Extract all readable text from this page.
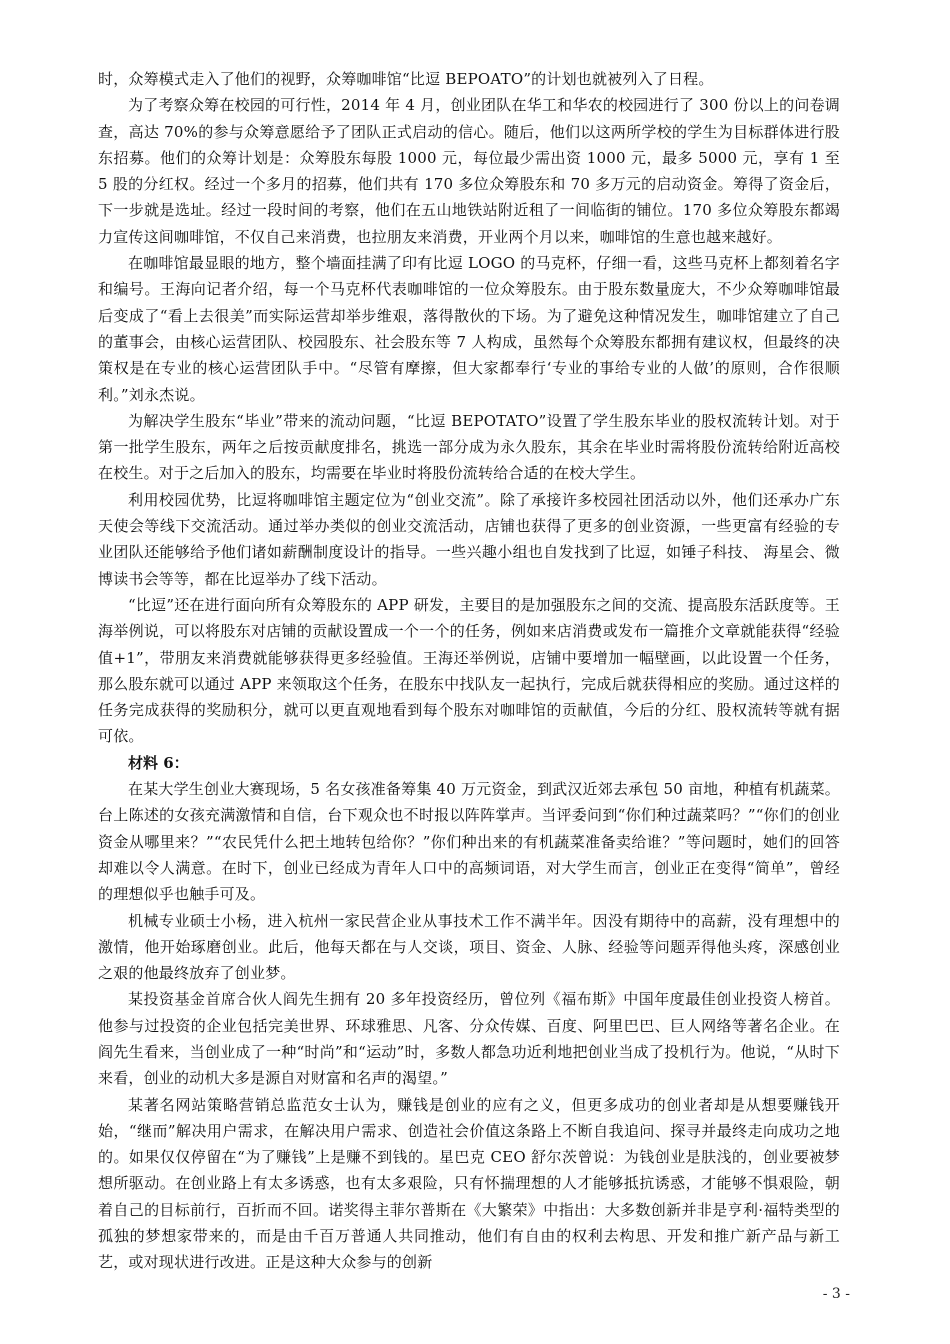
时，众筹模式走入了他们的视野，众筹咖啡馆“比逗 BEPOATO”的计划也就被列入了日程。

为了考察众筹在校园的可行性，2014 年 4 月，创业团队在华工和华农的校园进行了 300 份以上的问卷调查，高达 70%的参与众筹意愿给予了团队正式启动的信心。随后，他们以这两所学校的学生为目标群体进行股东招募。他们的众筹计划是：众筹股东每股 1000 元，每位最少需出资 1000 元，最多 5000 元，享有 1 至 5 股的分红权。经过一个多月的招募，他们共有 170 多位众筹股东和 70 多万元的启动资金。筹得了资金后，下一步就是选址。经过一段时间的考察，他们在五山地铁站附近租了一间临街的铺位。170 多位众筹股东都竭力宣传这间咖啡馆，不仅自己来消费，也拉朋友来消费，开业两个月以来，咖啡馆的生意也越来越好。

在咖啡馆最显眼的地方，整个墙面挂满了印有比逗 LOGO 的马克杯，仔细一看，这些马克杯上都刻着名字和编号。王海向记者介绍，每一个马克杯代表咖啡馆的一位众筹股东。由于股东数量庞大，不少众筹咖啡馆最后变成了“看上去很美”而实际运营却举步维艰，落得散伙的下场。为了避免这种情况发生，咖啡馆建立了自己的董事会，由核心运营团队、校园股东、社会股东等 7 人构成，虽然每个众筹股东都拥有建议权，但最终的决策权是在专业的核心运营团队手中。“尽管有摩擦，但大家都奉行‘专业的事给专业的人做’的原则，合作很顺利。”刘永杰说。

为解决学生股东“毕业”带来的流动问题，“比逗 BEPOTATO”设置了学生股东毕业的股权流转计划。对于第一批学生股东，两年之后按贡献度排名，挑选一部分成为永久股东，其余在毕业时需将股份流转给附近高校在校生。对于之后加入的股东，均需要在毕业时将股份流转给合适的在校大学生。

利用校园优势，比逗将咖啡馆主题定位为“创业交流”。除了承接许多校园社团活动以外，他们还承办广东天使会等线下交流活动。通过举办类似的创业交流活动，店铺也获得了更多的创业资源，一些更富有经验的专业团队还能够给予他们诸如薪酬制度设计的指导。一些兴趣小组也自发找到了比逗，如锤子科技、 海星会、微博读书会等等，都在比逗举办了线下活动。

“比逗”还在进行面向所有众筹股东的 APP 研发，主要目的是加强股东之间的交流、提高股东活跃度等。王海举例说，可以将股东对店铺的贡献设置成一个一个的任务，例如来店消费或发布一篇推介文章就能获得“经验值+1”，带朋友来消费就能够获得更多经验值。王海还举例说，店铺中要增加一幅壁画，以此设置一个任务，那么股东就可以通过 APP 来领取这个任务，在股东中找队友一起执行，完成后就获得相应的奖励。通过这样的任务完成获得的奖励积分，就可以更直观地看到每个股东对咖啡馆的贡献值，今后的分红、股权流转等就有据可依。

材料 6：

在某大学生创业大赛现场，5 名女孩准备筹集 40 万元资金，到武汉近郊去承包 50 亩地，种植有机蔬菜。台上陈述的女孩充满激情和自信，台下观众也不时报以阵阵掌声。当评委问到“你们种过蔬菜吗？”“你们的创业资金从哪里来？”“农民凭什么把土地转包给你？”你们种出来的有机蔬菜准备卖给谁？”等问题时，她们的回答却难以令人满意。在时下，创业已经成为青年人口中的高频词语，对大学生而言，创业正在变得“简单”，曾经的理想似乎也触手可及。

机械专业硕士小杨，进入杭州一家民营企业从事技术工作不满半年。因没有期待中的高薪，没有理想中的激情，他开始琢磨创业。此后，他每天都在与人交谈，项目、资金、人脉、经验等问题弄得他头疼，深感创业之艰的他最终放弃了创业梦。

某投资基金首席合伙人阎先生拥有 20 多年投资经历，曾位列《福布斯》中国年度最佳创业投资人榜首。他参与过投资的企业包括完美世界、环球雅思、凡客、分众传媒、百度、阿里巴巴、巨人网络等著名企业。在阎先生看来，当创业成了一种“时尚”和“运动”时，多数人都急功近利地把创业当成了投机行为。他说，“从时下来看，创业的动机大多是源自对财富和名声的渴望。”

某著名网站策略营销总监范女士认为，赚钱是创业的应有之义，但更多成功的创业者却是从想要赚钱开始，“继而”解决用户需求，在解决用户需求、创造社会价值这条路上不断自我追问、探寻并最终走向成功之地的。如果仅仅停留在“为了赚钱”上是赚不到钱的。星巴克 CEO 舒尔茨曾说：为钱创业是肤浅的，创业要被梦想所驱动。在创业路上有太多诱惑，也有太多艰险，只有怀揣理想的人才能够抵抗诱惑，才能够不惧艰险，朝着自己的目标前行，百折而不回。诺奖得主菲尔普斯在《大繁荣》中指出：大多数创新并非是亨利·福特类型的孤独的梦想家带来的，而是由千百万普通人共同推动，他们有自由的权利去构思、开发和推广新产品与新工艺，或对现状进行改进。正是这种大众参与的创新

- 3 -
